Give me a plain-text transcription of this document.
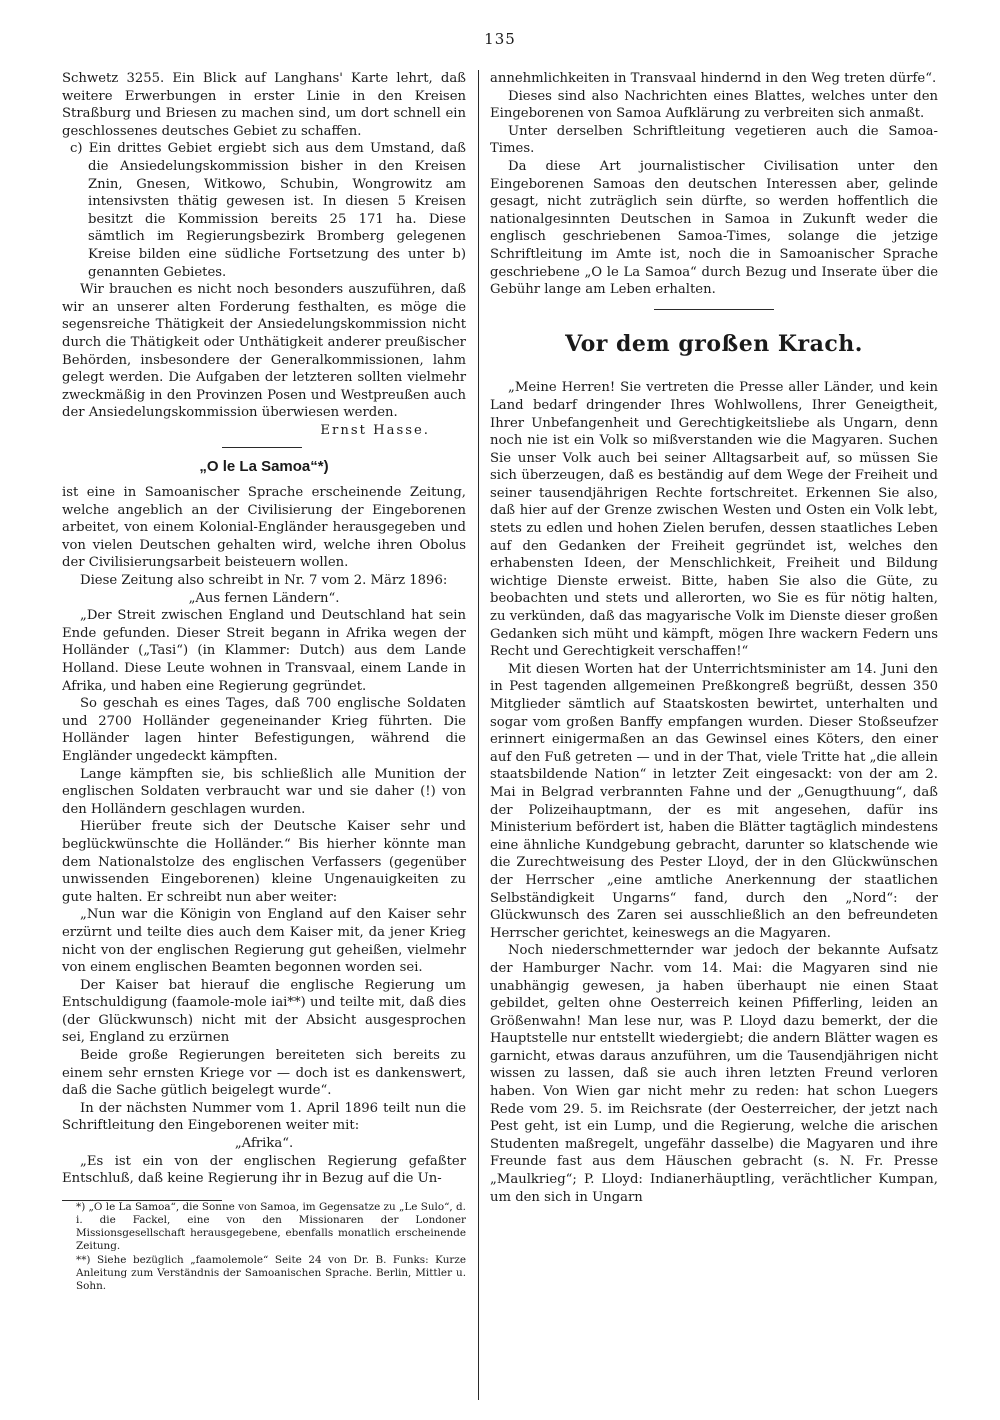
135

Schwetz 3255. Ein Blick auf Langhans' Karte lehrt, daß weitere Erwerbungen in erster Linie in den Kreisen Straßburg und Briesen zu machen sind, um dort schnell ein geschlossenes deutsches Gebiet zu schaffen.

c) Ein drittes Gebiet ergiebt sich aus dem Umstand, daß die Ansiedelungskommission bisher in den Kreisen Znin, Gnesen, Witkowo, Schubin, Wongrowitz am intensivsten thätig gewesen ist. In diesen 5 Kreisen besitzt die Kommission bereits 25 171 ha. Diese sämtlich im Regierungsbezirk Bromberg gelegenen Kreise bilden eine südliche Fortsetzung des unter b) genannten Gebietes.

Wir brauchen es nicht noch besonders auszuführen, daß wir an unserer alten Forderung festhalten, es möge die segensreiche Thätigkeit der Ansiedelungskommission nicht durch die Thätigkeit oder Unthätigkeit anderer preußischer Behörden, insbesondere der Generalkommissionen, lahm gelegt werden. Die Aufgaben der letzteren sollten vielmehr zweckmäßig in den Provinzen Posen und Westpreußen auch der Ansiedelungskommission überwiesen werden.

Ernst Hasse.

„O le La Samoa“*)

ist eine in Samoanischer Sprache erscheinende Zeitung, welche angeblich an der Civilisierung der Eingeborenen arbeitet, von einem Kolonial-Engländer herausgegeben und von vielen Deutschen gehalten wird, welche ihren Obolus der Civilisierungsarbeit beisteuern wollen.

Diese Zeitung also schreibt in Nr. 7 vom 2. März 1896:

„Aus fernen Ländern“.

„Der Streit zwischen England und Deutschland hat sein Ende gefunden. Dieser Streit begann in Afrika wegen der Holländer („Tasi“) (in Klammer: Dutch) aus dem Lande Holland. Diese Leute wohnen in Transvaal, einem Lande in Afrika, und haben eine Regierung gegründet.

So geschah es eines Tages, daß 700 englische Soldaten und 2700 Holländer gegeneinander Krieg führten. Die Holländer lagen hinter Befestigungen, während die Engländer ungedeckt kämpften.

Lange kämpften sie, bis schließlich alle Munition der englischen Soldaten verbraucht war und sie daher (!) von den Holländern geschlagen wurden.

Hierüber freute sich der Deutsche Kaiser sehr und beglückwünschte die Holländer.“ Bis hierher könnte man dem Nationalstolze des englischen Verfassers (gegenüber unwissenden Eingeborenen) kleine Ungenauigkeiten zu gute halten. Er schreibt nun aber weiter:

„Nun war die Königin von England auf den Kaiser sehr erzürnt und teilte dies auch dem Kaiser mit, da jener Krieg nicht von der englischen Regierung gut geheißen, vielmehr von einem englischen Beamten begonnen worden sei.

Der Kaiser bat hierauf die englische Regierung um Entschuldigung (faamole-mole iai**) und teilte mit, daß dies (der Glückwunsch) nicht mit der Absicht ausgesprochen sei, England zu erzürnen

Beide große Regierungen bereiteten sich bereits zu einem sehr ernsten Kriege vor — doch ist es dankenswert, daß die Sache gütlich beigelegt wurde“.

In der nächsten Nummer vom 1. April 1896 teilt nun die Schriftleitung den Eingeborenen weiter mit:

„Afrika“.

„Es ist ein von der englischen Regierung gefaßter Entschluß, daß keine Regierung ihr in Bezug auf die Un-

*) „O le La Samoa“, die Sonne von Samoa, im Gegensatze zu „Le Sulo“, d. i. die Fackel, eine von den Missionaren der Londoner Missionsgesellschaft herausgegebene, ebenfalls monatlich erscheinende Zeitung.

**) Siehe bezüglich „faamolemole“ Seite 24 von Dr. B. Funks: Kurze Anleitung zum Verständnis der Samoanischen Sprache. Berlin, Mittler u. Sohn.

annehmlichkeiten in Transvaal hindernd in den Weg treten dürfe“.

Dieses sind also Nachrichten eines Blattes, welches unter den Eingeborenen von Samoa Aufklärung zu verbreiten sich anmaßt.

Unter derselben Schriftleitung vegetieren auch die Samoa-Times.

Da diese Art journalistischer Civilisation unter den Eingeborenen Samoas den deutschen Interessen aber, gelinde gesagt, nicht zuträglich sein dürfte, so werden hoffentlich die nationalgesinnten Deutschen in Samoa in Zukunft weder die englisch geschriebenen Samoa-Times, solange die jetzige Schriftleitung im Amte ist, noch die in Samoanischer Sprache geschriebene „O le La Samoa“ durch Bezug und Inserate über die Gebühr lange am Leben erhalten.

Vor dem großen Krach.

„Meine Herren! Sie vertreten die Presse aller Länder, und kein Land bedarf dringender Ihres Wohlwollens, Ihrer Geneigtheit, Ihrer Unbefangenheit und Gerechtigkeitsliebe als Ungarn, denn noch nie ist ein Volk so mißverstanden wie die Magyaren. Suchen Sie unser Volk auch bei seiner Alltagsarbeit auf, so müssen Sie sich überzeugen, daß es beständig auf dem Wege der Freiheit und seiner tausendjährigen Rechte fortschreitet. Erkennen Sie also, daß hier auf der Grenze zwischen Westen und Osten ein Volk lebt, stets zu edlen und hohen Zielen berufen, dessen staatliches Leben auf den Gedanken der Freiheit gegründet ist, welches den erhabensten Ideen, der Menschlichkeit, Freiheit und Bildung wichtige Dienste erweist. Bitte, haben Sie also die Güte, zu beobachten und stets und allerorten, wo Sie es für nötig halten, zu verkünden, daß das magyarische Volk im Dienste dieser großen Gedanken sich müht und kämpft, mögen Ihre wackern Federn uns Recht und Gerechtigkeit verschaffen!“

Mit diesen Worten hat der Unterrichtsminister am 14. Juni den in Pest tagenden allgemeinen Preßkongreß begrüßt, dessen 350 Mitglieder sämtlich auf Staatskosten bewirtet, unterhalten und sogar vom großen Banffy empfangen wurden. Dieser Stoßseufzer erinnert einigermaßen an das Gewinsel eines Köters, den einer auf den Fuß getreten — und in der That, viele Tritte hat „die allein staatsbildende Nation“ in letzter Zeit eingesackt: von der am 2. Mai in Belgrad verbrannten Fahne und der „Genugthuung“, daß der Polizeihauptmann, der es mit angesehen, dafür ins Ministerium befördert ist, haben die Blätter tagtäglich mindestens eine ähnliche Kundgebung gebracht, darunter so klatschende wie die Zurechtweisung des Pester Lloyd, der in den Glückwünschen der Herrscher „eine amtliche Anerkennung der staatlichen Selbständigkeit Ungarns“ fand, durch den „Nord“: der Glückwunsch des Zaren sei ausschließlich an den befreundeten Herrscher gerichtet, keineswegs an die Magyaren.

Noch niederschmetternder war jedoch der bekannte Aufsatz der Hamburger Nachr. vom 14. Mai: die Magyaren sind nie unabhängig gewesen, ja haben überhaupt nie einen Staat gebildet, gelten ohne Oesterreich keinen Pfifferling, leiden an Größenwahn! Man lese nur, was P. Lloyd dazu bemerkt, der die Hauptstelle nur entstellt wiedergiebt; die andern Blätter wagen es garnicht, etwas daraus anzuführen, um die Tausendjährigen nicht wissen zu lassen, daß sie auch ihren letzten Freund verloren haben. Von Wien gar nicht mehr zu reden: hat schon Luegers Rede vom 29. 5. im Reichsrate (der Oesterreicher, der jetzt nach Pest geht, ist ein Lump, und die Regierung, welche die arischen Studenten maßregelt, ungefähr dasselbe) die Magyaren und ihre Freunde fast aus dem Häuschen gebracht (s. N. Fr. Presse „Maulkrieg“; P. Lloyd: Indianerhäuptling, verächtlicher Kumpan, um den sich in Ungarn
